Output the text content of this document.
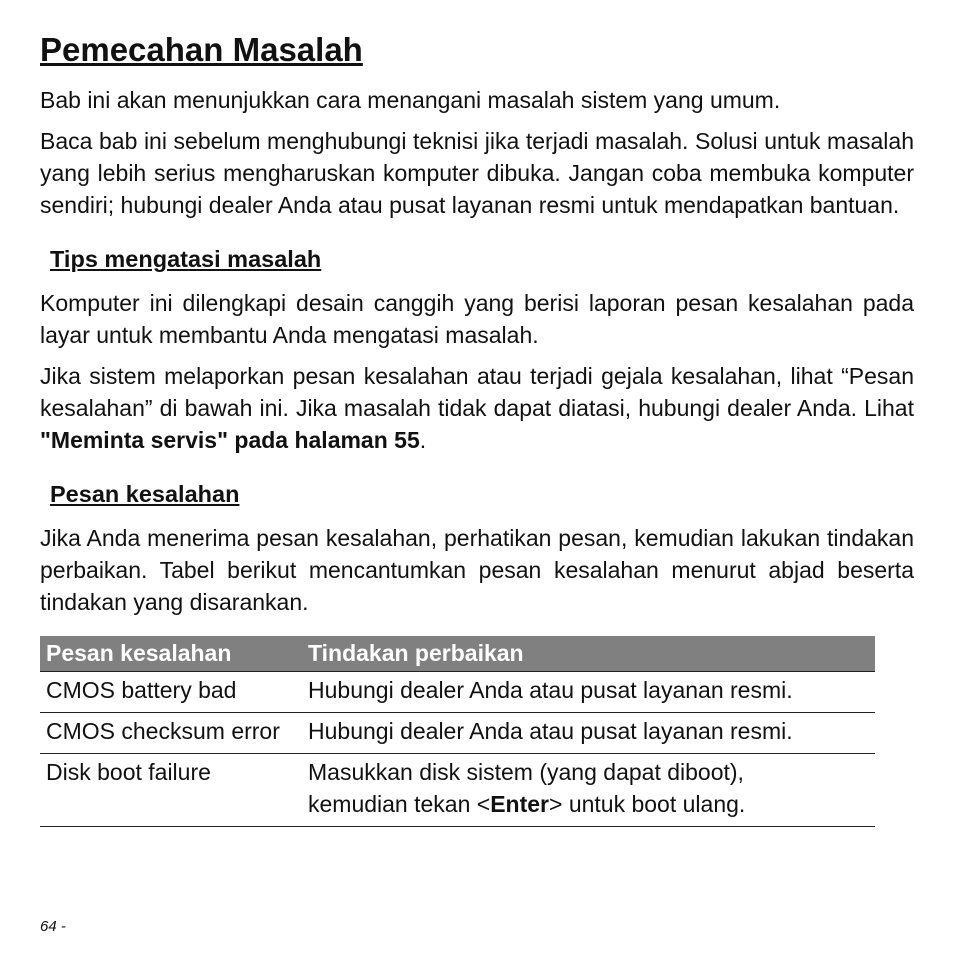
Pemecahan Masalah

Bab ini akan menunjukkan cara menangani masalah sistem yang umum.

Baca bab ini sebelum menghubungi teknisi jika terjadi masalah. Solusi untuk masalah yang lebih serius mengharuskan komputer dibuka. Jangan coba membuka komputer sendiri; hubungi dealer Anda atau pusat layanan resmi untuk mendapatkan bantuan.

Tips mengatasi masalah

Komputer ini dilengkapi desain canggih yang berisi laporan pesan kesalahan pada layar untuk membantu Anda mengatasi masalah.

Jika sistem melaporkan pesan kesalahan atau terjadi gejala kesalahan, lihat “Pesan kesalahan” di bawah ini. Jika masalah tidak dapat diatasi, hubungi dealer Anda. Lihat "Meminta servis" pada halaman 55.

Pesan kesalahan

Jika Anda menerima pesan kesalahan, perhatikan pesan, kemudian lakukan tindakan perbaikan. Tabel berikut mencantumkan pesan kesalahan menurut abjad beserta tindakan yang disarankan.

Pesan kesalahan	Tindakan perbaikan
CMOS battery bad	Hubungi dealer Anda atau pusat layanan resmi.
CMOS checksum error	Hubungi dealer Anda atau pusat layanan resmi.
Disk boot failure	Masukkan disk sistem (yang dapat diboot),
kemudian tekan <Enter> untuk boot ulang.
64 -
